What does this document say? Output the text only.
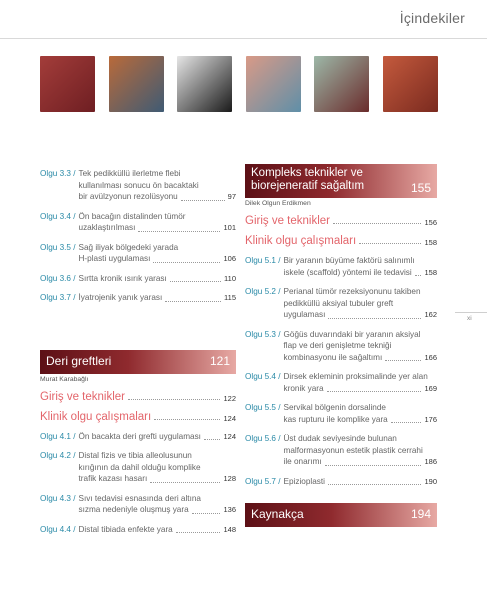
İçindekiler
Olgu 3.3 / Tek pedikküllü ilerletme flebi
kullanılması sonucu ön bacaktaki
bir avülzyonun rezolüsyonu	97
Olgu 3.4 / Ön bacağın distalinden tümör
uzaklaştırılması	101
Olgu 3.5 / Sağ iliyak bölgedeki yarada
H-plasti uygulaması	106
Olgu 3.6 / Sırtta kronik ısırık yarası	110
Olgu 3.7 / İyatrojenik yanık yarası	115
Deri greftleri	121
Murat Karabağlı
Giriş ve teknikler	122
Klinik olgu çalışmaları	124
Olgu 4.1 / Ön bacakta deri grefti uygulaması	124
Olgu 4.2 / Distal fizis ve tibia alleolusunun
kırığının da dahil olduğu komplike
trafik kazası hasarı	128
Olgu 4.3 / Sıvı tedavisi esnasında deri altına
sızma nedeniyle oluşmuş yara	136
Olgu 4.4 / Distal tibiada enfekte yara	148
Kompleks teknikler ve
biorejeneratif sağaltım	155
Dilek Olgun Erdikmen
Giriş ve teknikler	156
Klinik olgu çalışmaları	158
Olgu 5.1 / Bir yaranın büyüme faktörü salınımlı
iskele (scaffold) yöntemi ile tedavisi 158
Olgu 5.2 / Perianal tümör rezeksiyonunu takiben
pedikküllü aksiyal tubuler greft
uygulaması	162
Olgu 5.3 / Göğüs duvarındaki bir yaranın aksiyal
flap ve deri genişletme tekniği
kombinasyonu ile sağaltımı	166
Olgu 5.4 / Dirsek ekleminin proksimalinde yer alan
kronik yara	169
Olgu 5.5 / Servikal bölgenin dorsalinde
kas rupturu ile komplike yara	176
Olgu 5.6 / Üst dudak seviyesinde bulunan
malformasyonun estetik plastik cerrahi
ile onarımı	186
Olgu 5.7 / Epizioplasti	190
Kaynakça	194
xi
